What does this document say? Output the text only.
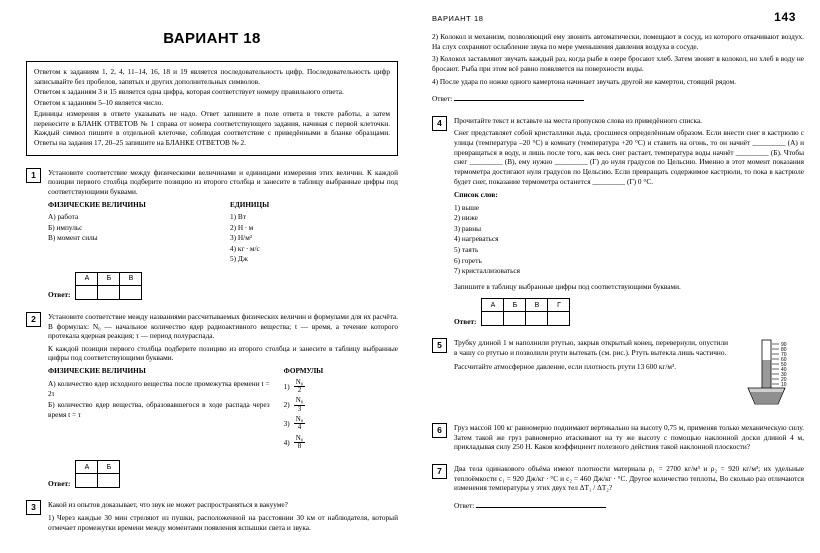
ВАРИАНТ 18	143
ВАРИАНТ 18

Ответом к заданиям 1, 2, 4, 11–14, 16, 18 и 19 является последовательность цифр. Последовательность цифр записывайте без пробелов, запятых и других дополнительных символов.

Ответом к заданиям 3 и 15 является одна цифра, которая соответствует номеру правильного ответа.

Ответом к заданиям 5–10 является число.

Единицы измерения в ответе указывать не надо. Ответ запишите в поле ответа в тексте работы, а затем перенесите в БЛАНК ОТВЕТОВ № 1 справа от номера соответствующего задания, начиная с первой клеточки. Каждый символ пишите в отдельной клеточке, соблюдая соответствие с приведёнными в бланке образцами. Ответы на задания 17, 20–25 запишите на БЛАНКЕ ОТВЕТОВ № 2.

1	Установите соответствие между физическими величинами и единицами измерения этих величин. К каждой позиции первого столбца подберите позицию из второго столбца и занесите в таблицу выбранные цифры под соответствующими буквами.

ФИЗИЧЕСКИЕ ВЕЛИЧИНЫ
А) работа
Б) импульс
В) момент силы
ЕДИНИЦЫ
1) Вт
2) Н ∙ м
3) Н/м²
4) кг ∙ м/с
5) Дж
Ответ:
А	Б	В

2	Установите соответствие между названиями рассчитываемых физических величин и формулами для их расчёта. В формулах: N₀ — начальное количество ядер радиоактивного вещества; t — время, а течение которого протекала ядерная реакция; τ — период полураспада.

К каждой позиции первого столбца подберите позицию из второго столбца и занесите в таблицу выбранные цифры под соответствующими буквами.

ФИЗИЧЕСКИЕ ВЕЛИЧИНЫ
А) количество ядер исходного вещества после промежутка времени t = 2τ
Б) количество ядер вещества, образовавшегося в ходе распада через время t = τ
ФОРМУЛЫ
$1) \frac{\text{N₀}}{2}$
$2) \frac{\text{N₀}}{3}$
$3) \frac{\text{N₀}}{4}$
$4) \frac{\text{N₀}}{8}$
Ответ:
А	Б

3	Какой из опытов доказывает, что звук не может распространяться в вакууме?

1) Через каждые 30 мин стреляют из пушки, расположенной на расстоянии 30 км от наблюдателя, который отмечает промежутки времени между моментами появления вспышки света и звука.

2) Колокол и механизм, позволяющий ему звонить автоматически, помещают в сосуд, из которого откачивают воздух. На слух сохраняют ослабление звука по мере уменьшения давления воздуха в сосуде.

3) Колокол заставляют звучать каждый раз, когда рыбе в озере бросают хлеб. Затем звонят в колокол, но хлеб в воду не бросают. Рыба при этом всё равно появляется на поверхности воды.

4) После удара по ножке одного камертона начинает звучать другой же камертон, стоящий рядом.

Ответ:
4	Прочитайте текст и вставьте на места пропусков слова из приведённого списка.

Снег представляет собой кристаллики льда, сросшиеся определённым образом. Если внести снег в кастрюлю с улицы (температура –20 °С) в комнату (температура +20 °С) и ставить на огонь, то он начнёт _________ (А) и превращаться в воду, и лишь после того, как весь снег растает, температура воды начнёт _________ (Б). Чтобы снег _________ (В), ему нужно _________ (Г) до нуля градусов по Цельсию. Именно в этот момент показания термометра достигают нуля градусов по Цельсию. Если превращать содержимое кастрюли, то пока в кастрюле будет снег, показание термометра останется _________ (Г) 0 °С.

Список слов:

1) выше
2) ниже
3) равны
4) нагреваться
5) таять
6) гореть
7) кристаллизоваться

Запишите в таблицу выбранные цифры под соответствующими буквами.

Ответ:
А	Б	В	Г

5	Трубку длиной 1 м наполнили ртутью, закрыв открытый конец, перевернули, опустили в чашу со ртутью и позволили ртути вытекать (см. рис.). Ртуть вытекла лишь частично.

Рассчитайте атмосферное давление, если плотность ртути 13 600 кг/м³.

90
80
70
60
50
40
30
20
10
6	Груз массой 100 кг равномерно поднимают вертикально на высоту 0,75 м, применяя только механическую силу. Затем такой же груз равномерно втаскивают на ту же высоту с помощью наклонной доски длиной 4 м, прикладывая силу 250 Н. Каков коэффициент полезного действия такой наклонной плоскости?

7	Два тела одинакового объёма имеют плотности материала ρ₁ = 2700 кг/м³ и ρ₂ = 920 кг/м³; их удельные теплоёмкости c₁ = 920 Дж/кг ∙ °С и c₂ = 460 Дж/кг ∙ °С. Другое количество теплоты, Во сколько раз отличаются изменения температуры у этих двух тел ΔT₁ / ΔT₂?

Ответ:
